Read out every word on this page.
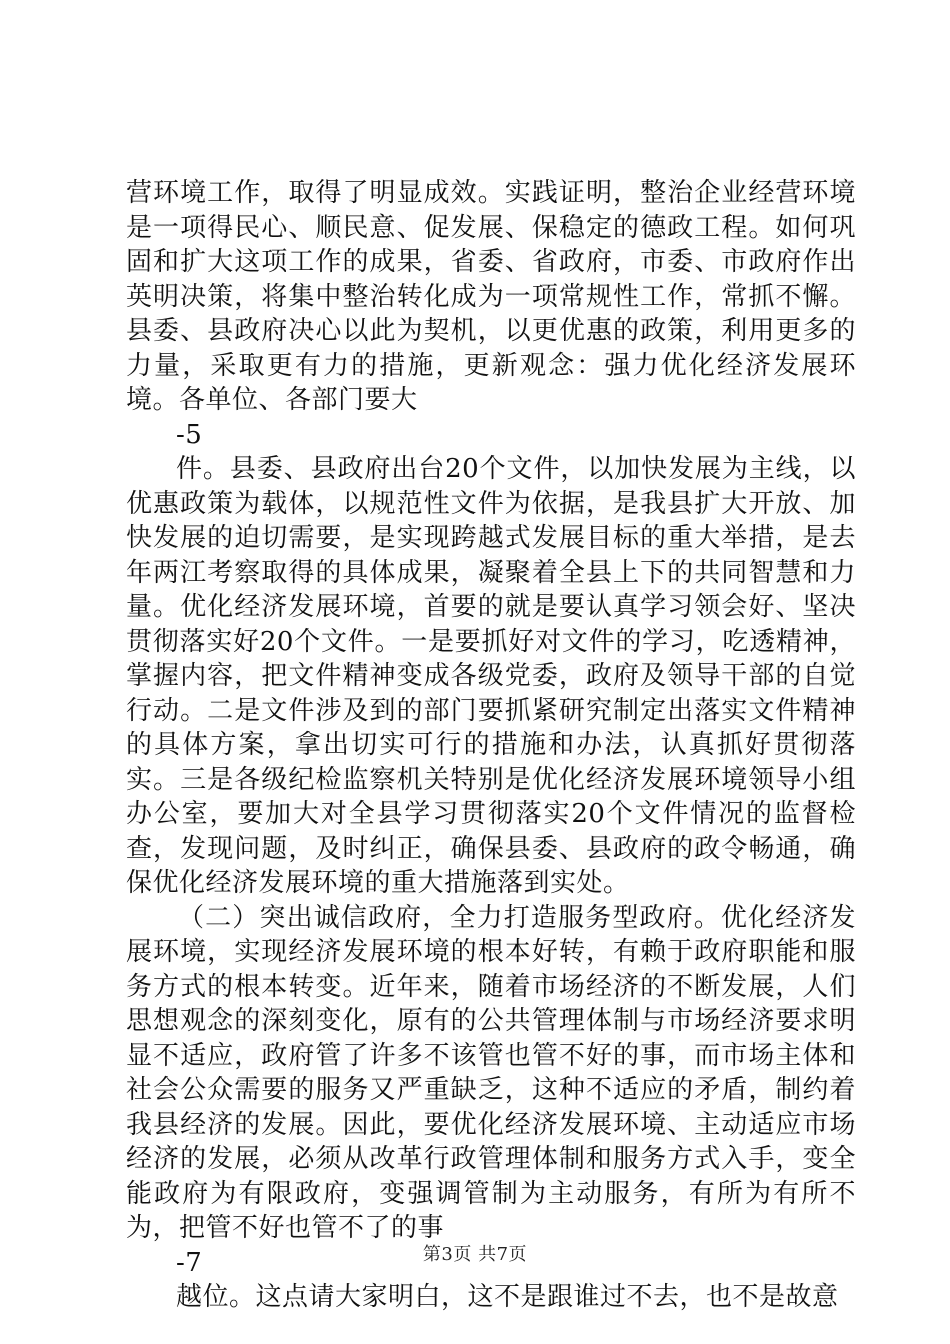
营环境工作，取得了明显成效。实践证明，整治企业经营环境是一项得民心、顺民意、促发展、保稳定的德政工程。如何巩固和扩大这项工作的成果，省委、省政府，市委、市政府作出英明决策，将集中整治转化成为一项常规性工作，常抓不懈。县委、县政府决心以此为契机，以更优惠的政策，利用更多的力量，采取更有力的措施，更新观念：强力优化经济发展环境。各单位、各部门要大

-5

件。县委、县政府出台20个文件，以加快发展为主线，以优惠政策为载体，以规范性文件为依据，是我县扩大开放、加快发展的迫切需要，是实现跨越式发展目标的重大举措，是去年两江考察取得的具体成果，凝聚着全县上下的共同智慧和力量。优化经济发展环境，首要的就是要认真学习领会好、坚决贯彻落实好20个文件。一是要抓好对文件的学习，吃透精神，掌握内容，把文件精神变成各级党委，政府及领导干部的自觉行动。二是文件涉及到的部门要抓紧研究制定出落实文件精神的具体方案，拿出切实可行的措施和办法，认真抓好贯彻落实。三是各级纪检监察机关特别是优化经济发展环境领导小组办公室，要加大对全县学习贯彻落实20个文件情况的监督检查，发现问题，及时纠正，确保县委、县政府的政令畅通，确保优化经济发展环境的重大措施落到实处。

（二）突出诚信政府，全力打造服务型政府。优化经济发展环境，实现经济发展环境的根本好转，有赖于政府职能和服务方式的根本转变。近年来，随着市场经济的不断发展，人们思想观念的深刻变化，原有的公共管理体制与市场经济要求明显不适应，政府管了许多不该管也管不好的事，而市场主体和社会公众需要的服务又严重缺乏，这种不适应的矛盾，制约着我县经济的发展。因此，要优化经济发展环境、主动适应市场经济的发展，必须从改革行政管理体制和服务方式入手，变全能政府为有限政府，变强调管制为主动服务，有所为有所不为，把管不好也管不了的事

-7

越位。这点请大家明白，这不是跟谁过不去，也不是故意

第3页 共7页
